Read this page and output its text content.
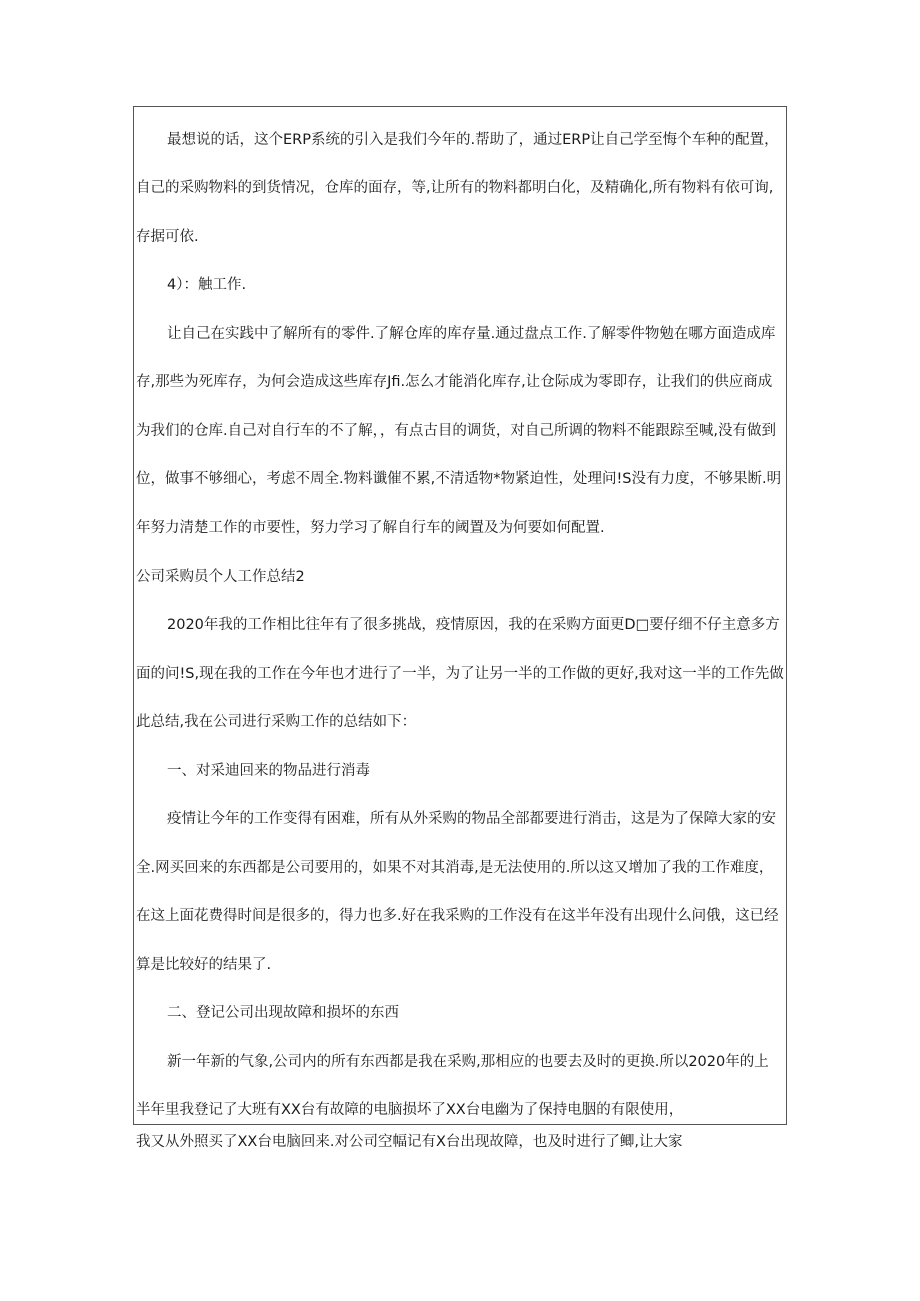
最想说的话，这个ERP系统的引入是我们今年的.帮助了，通过ERP让自己学至悔个车种的配置，
自己的采购物料的到货情况，仓库的面存，等,让所有的物料都明白化，及精确化,所有物料有依可询,
存据可依.
4）：触工作.
让自己在实践中了解所有的零件.了解仓库的库存量.通过盘点工作.了解零件物勉在哪方面造成库
存,那些为死库存，为何会造成这些库存Jfi.怎么才能消化库存,让仓际成为零即存，让我们的供应商成
为我们的仓库.自己对自行车的不了解，，有点古目的调货，对自己所调的物料不能跟踪至喊,没有做到
位，做事不够细心，考虑不周全.物料谶催不累,不清适物*物紧迫性，处理问!S没有力度，不够果断.明
年努力清楚工作的市要性，努力学习了解自行车的阈置及为何要如何配置.
公司采购员个人工作总结2
2020年我的工作相比往年有了很多挑战，疫情原因，我的在采购方面更D□要仔细不仔主意多方
面的问!S,现在我的工作在今年也才进行了一半，为了让另一半的工作做的更好,我对这一半的工作先做
此总结,我在公司进行采购工作的总结如下：
一、对采迪回来的物品进行消毒
疫情让今年的工作变得有困难，所有从外采购的物品全部都要进行消击，这是为了保障大家的安
全.网买回来的东西都是公司要用的，如果不对其消毒,是无法使用的.所以这又增加了我的工作难度，
在这上面花费得时间是很多的，得力也多.好在我采购的工作没有在这半年没有出现什么问俄，这已经
算是比较好的结果了.
二、登记公司出现故障和损坏的东西
新一年新的气象,公司内的所有东西都是我在采购,那相应的也要去及时的更换.所以2020年的上
半年里我登记了大班有XX台有故障的电脑损坏了XX台电幽为了保持电胭的有限使用，
我又从外照买了XX台电脑回来.对公司空幅记有X台出现故障，也及时进行了鲫,让大家
